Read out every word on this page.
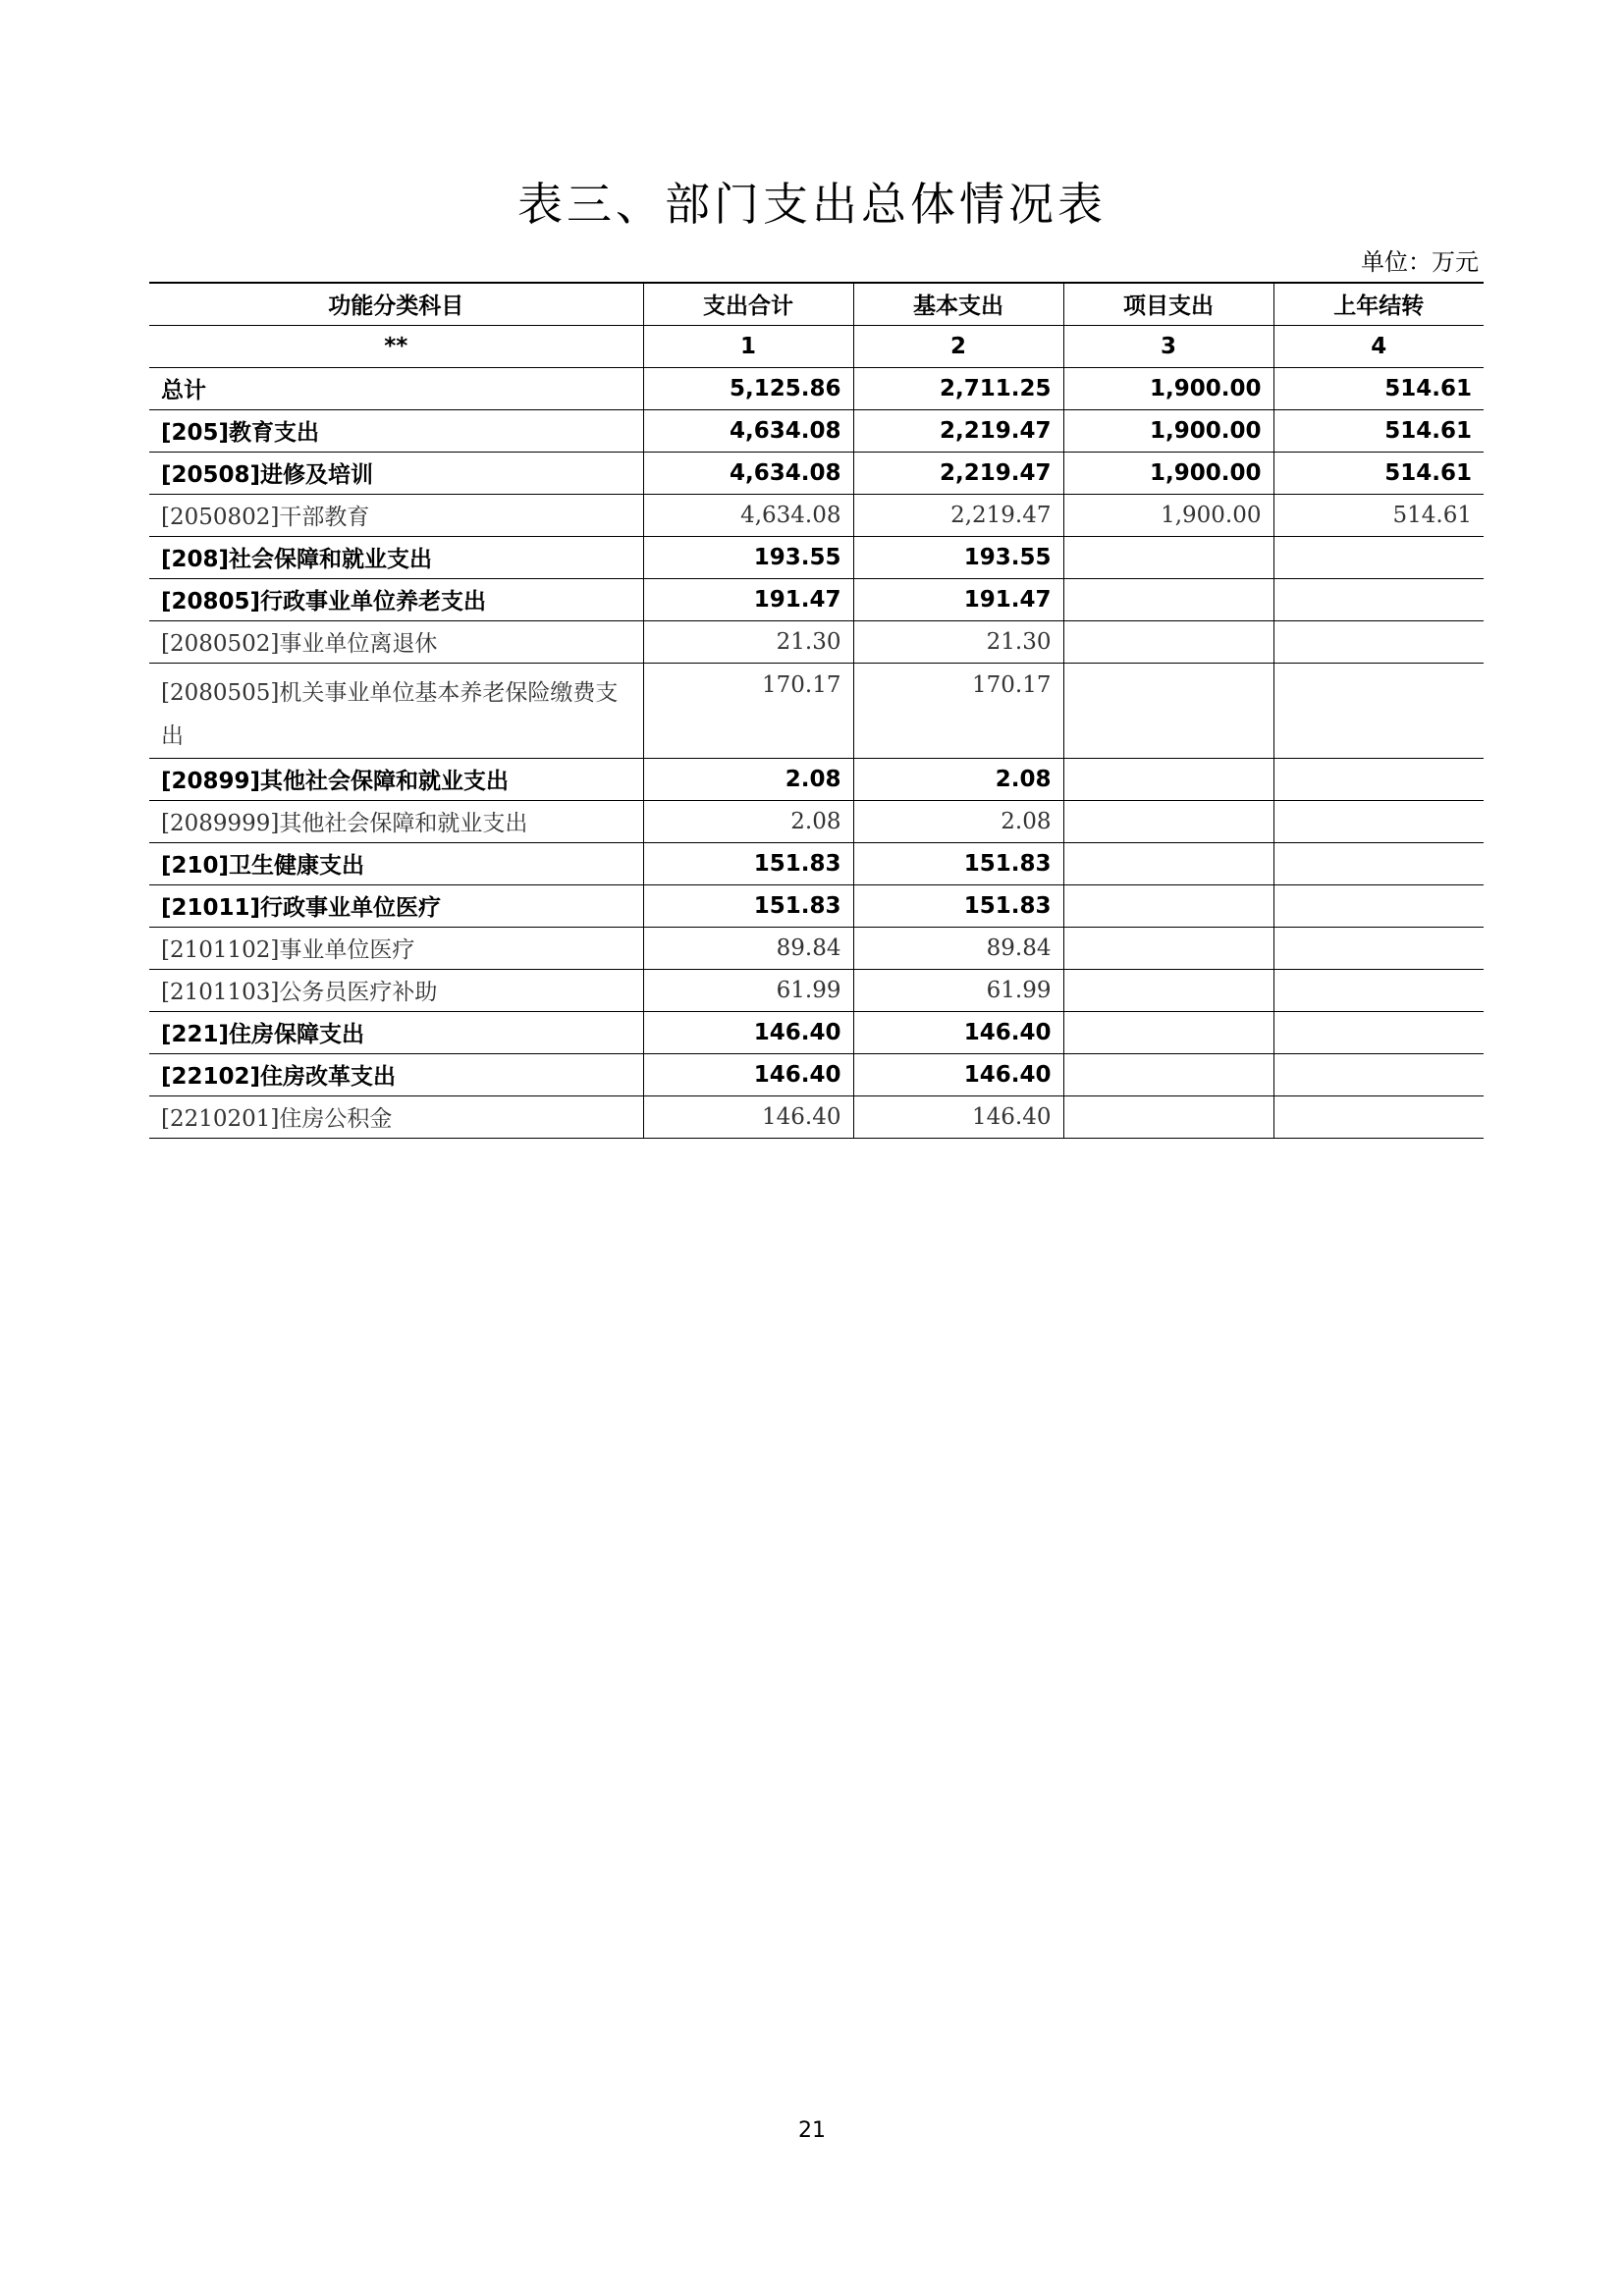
表三、部门支出总体情况表
单位：万元
功能分类科目	支出合计	基本支出	项目支出	上年结转
**	1	2	3	4
总计	5,125.86	2,711.25	1,900.00	514.61
[205]教育支出	4,634.08	2,219.47	1,900.00	514.61
[20508]进修及培训	4,634.08	2,219.47	1,900.00	514.61
[2050802]干部教育	4,634.08	2,219.47	1,900.00	514.61
[208]社会保障和就业支出	193.55	193.55		
[20805]行政事业单位养老支出	191.47	191.47		
[2080502]事业单位离退休	21.30	21.30		
[2080505]机关事业单位基本养老保险缴费支出	170.17	170.17		
[20899]其他社会保障和就业支出	2.08	2.08		
[2089999]其他社会保障和就业支出	2.08	2.08		
[210]卫生健康支出	151.83	151.83		
[21011]行政事业单位医疗	151.83	151.83		
[2101102]事业单位医疗	89.84	89.84		
[2101103]公务员医疗补助	61.99	61.99		
[221]住房保障支出	146.40	146.40		
[22102]住房改革支出	146.40	146.40		
[2210201]住房公积金	146.40	146.40		
21
